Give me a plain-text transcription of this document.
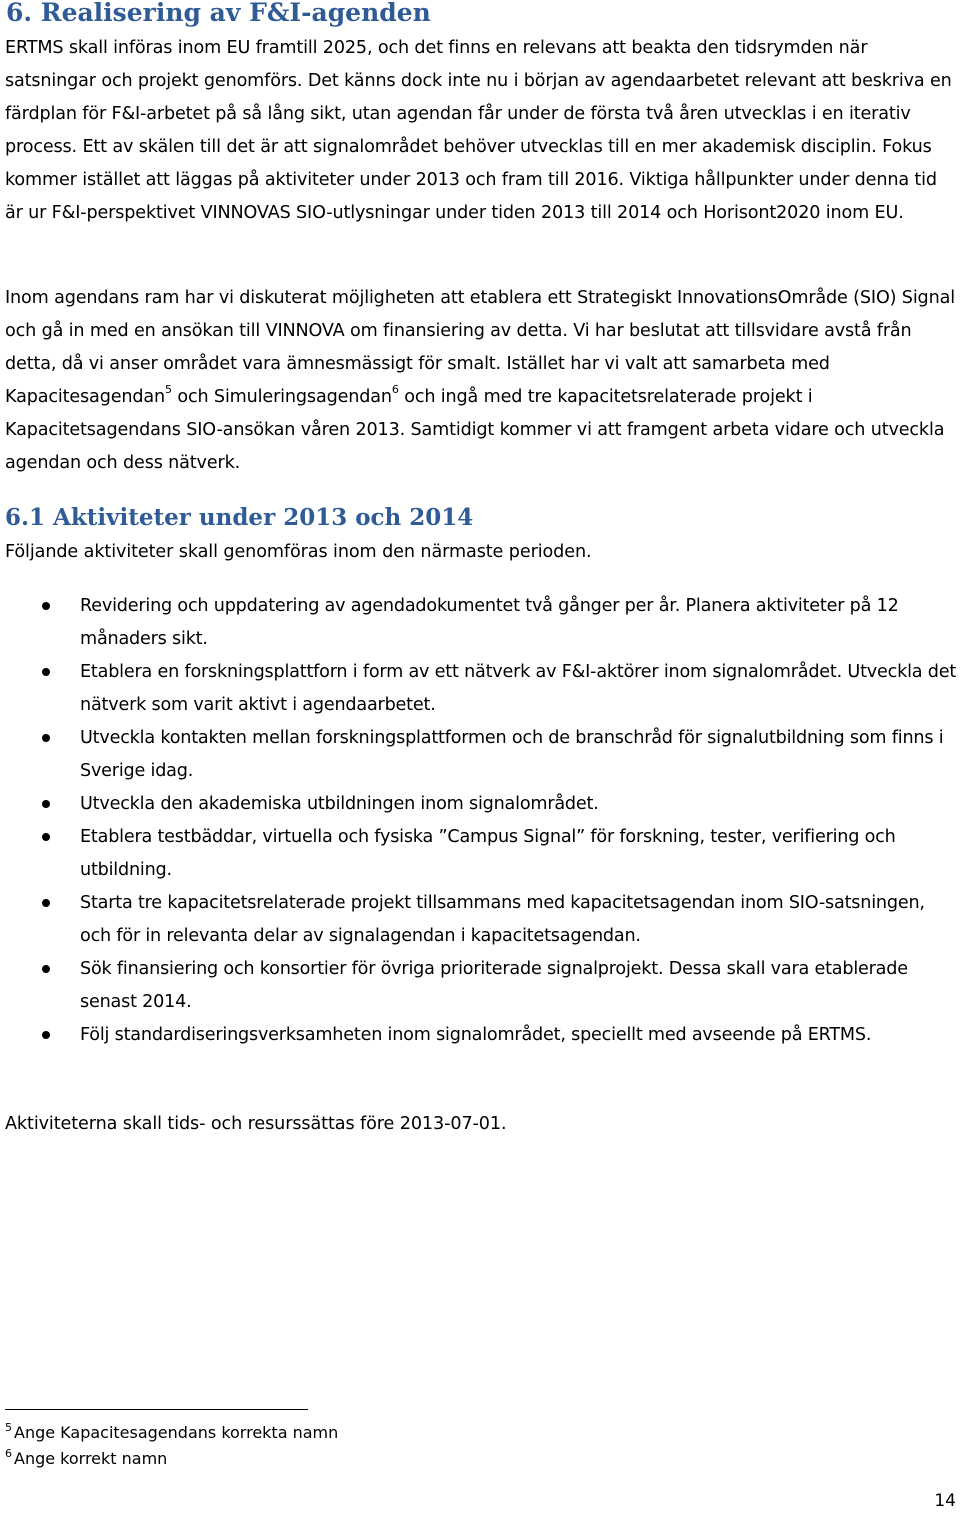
6. Realisering av F&I-agenden

ERTMS skall införas inom EU framtill 2025, och det finns en relevans att beakta den tidsrymden när satsningar och projekt genomförs. Det känns dock inte nu i början av agendaarbetet relevant att beskriva en färdplan för F&I-arbetet på så lång sikt, utan agendan får under de första två åren utvecklas i en iterativ process. Ett av skälen till det är att signalområdet behöver utvecklas till en mer akademisk disciplin. Fokus kommer istället att läggas på aktiviteter under 2013 och fram till 2016. Viktiga hållpunkter under denna tid är ur F&I-perspektivet VINNOVAS SIO-utlysningar under tiden 2013 till 2014 och Horisont2020 inom EU.

Inom agendans ram har vi diskuterat möjligheten att etablera ett Strategiskt InnovationsOmråde (SIO) Signal och gå in med en ansökan till VINNOVA om finansiering av detta. Vi har beslutat att tillsvidare avstå från detta, då vi anser området vara ämnesmässigt för smalt. Istället har vi valt att samarbeta med Kapacitesagendan$^5$ och Simuleringsagendan$^6$ och ingå med tre kapacitetsrelaterade projekt i Kapacitetsagendans SIO-ansökan våren 2013. Samtidigt kommer vi att framgent arbeta vidare och utveckla agendan och dess nätverk.

6.1 Aktiviteter under 2013 och 2014

Följande aktiviteter skall genomföras inom den närmaste perioden.

Revidering och uppdatering av agendadokumentet två gånger per år. Planera aktiviteter på 12 månaders sikt.
Etablera en forskningsplattforn i form av ett nätverk av F&I-aktörer inom signalområdet. Utveckla det nätverk som varit aktivt i agendaarbetet.
Utveckla kontakten mellan forskningsplattformen och de branschråd för signalutbildning som finns i Sverige idag.
Utveckla den akademiska utbildningen inom signalområdet.
Etablera testbäddar, virtuella och fysiska ”Campus Signal” för forskning, tester, verifiering och utbildning.
Starta tre kapacitetsrelaterade projekt tillsammans med kapacitetsagendan inom SIO-satsningen, och för in relevanta delar av signalagendan i kapacitetsagendan.
Sök finansiering och konsortier för övriga prioriterade signalprojekt. Dessa skall vara etablerade senast 2014.
Följ standardiseringsverksamheten inom signalområdet, speciellt med avseende på ERTMS.

Aktiviteterna skall tids- och resurssättas före 2013-07-01.

$^5$ Ange Kapacitesagendans korrekta namn

$^6$ Ange korrekt namn

14
